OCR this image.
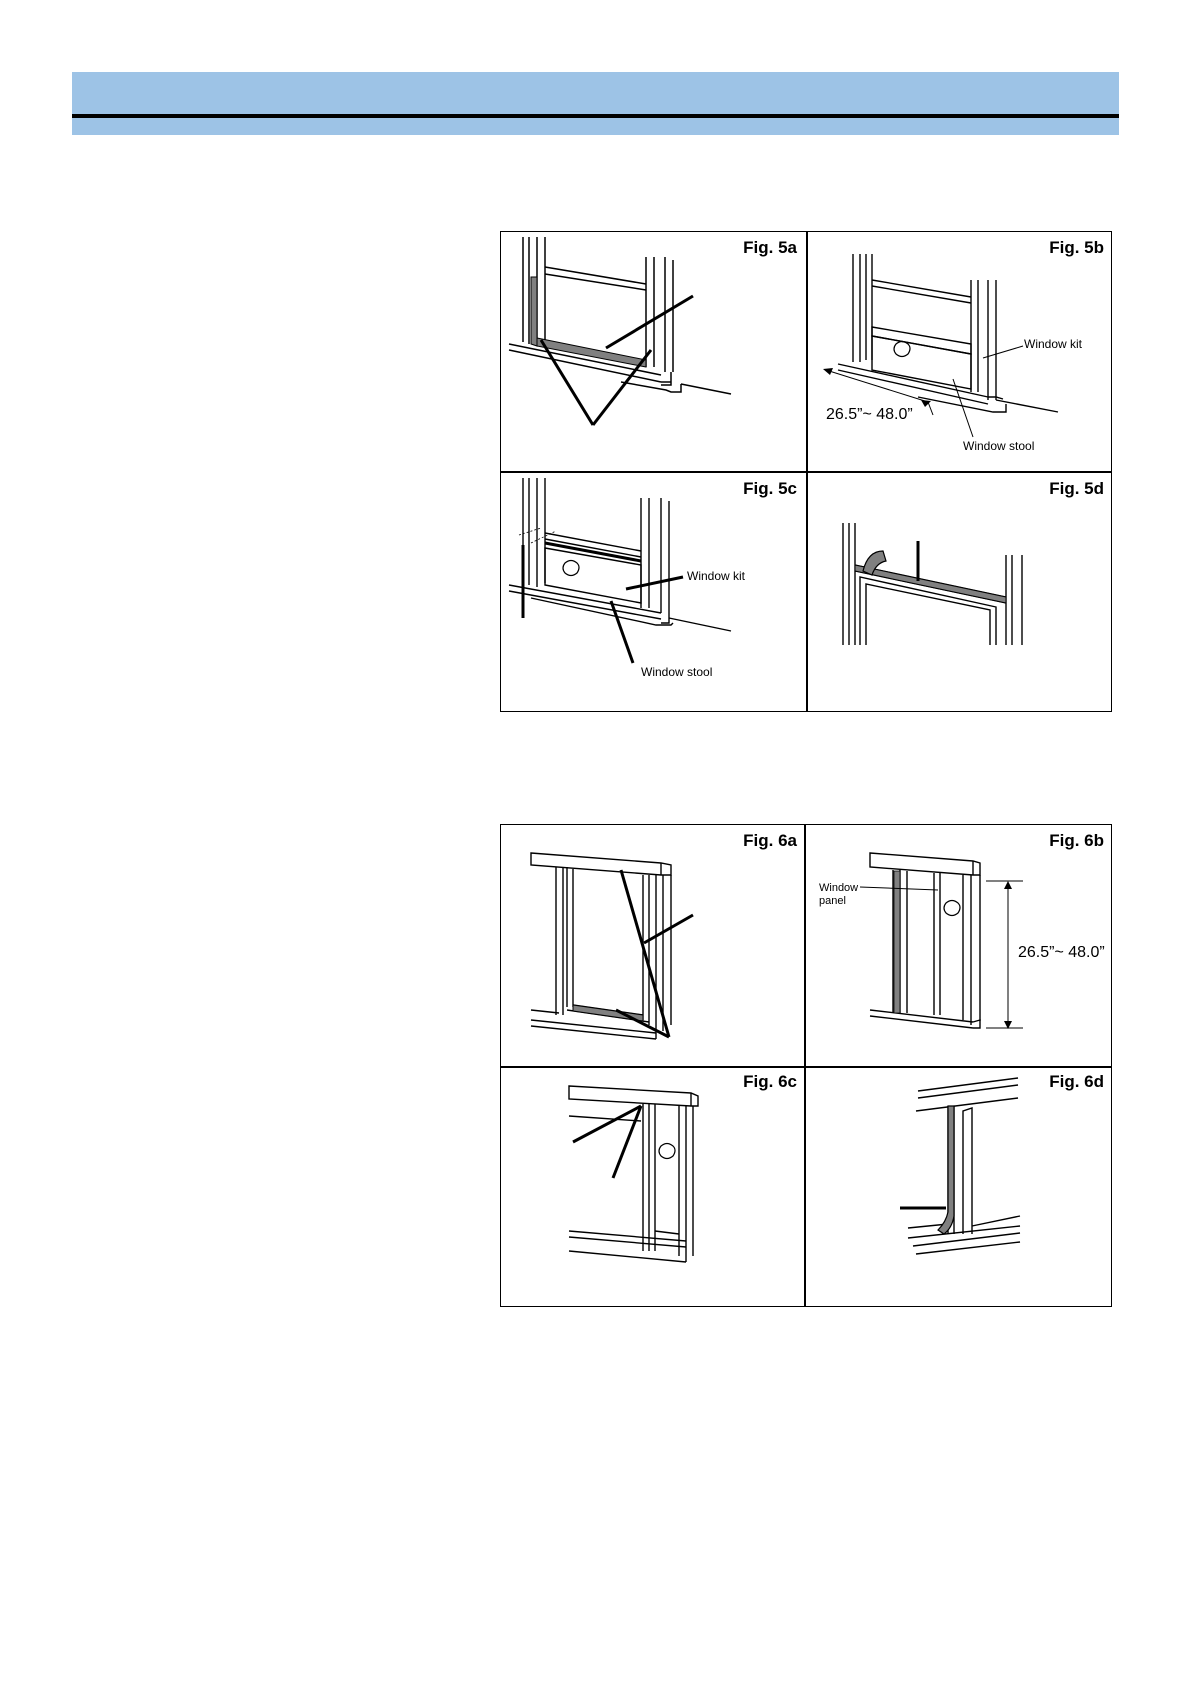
Fig. 5a	Fig. 5b
Window kit
Window stool
26.5”~ 48.0”
Fig. 5c
Window kit
Window stool
Fig. 5d
Fig. 6a	Fig. 6b
Window
panel
26.5”~ 48.0”
Fig. 6c	Fig. 6d
